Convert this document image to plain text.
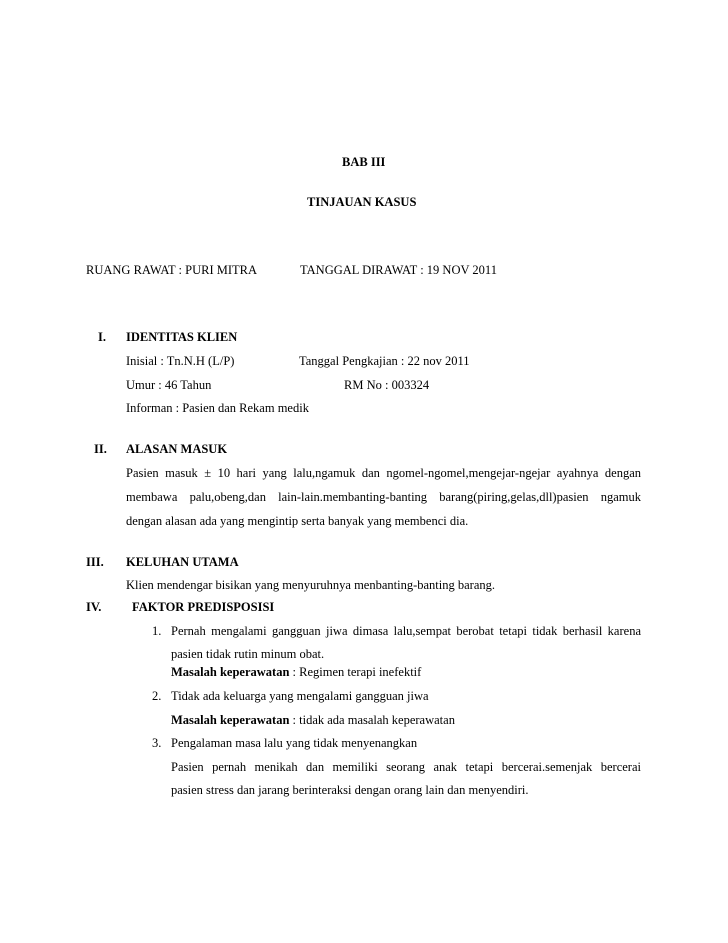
BAB III
TINJAUAN KASUS
RUANG RAWAT : PURI MITRA	TANGGAL DIRAWAT : 19 NOV 2011
I. IDENTITAS KLIEN
Inisial : Tn.N.H (L/P)	Tanggal Pengkajian : 22 nov 2011
Umur : 46 Tahun	RM No : 003324
Informan : Pasien dan Rekam medik
II. ALASAN MASUK
Pasien masuk ± 10 hari yang lalu,ngamuk dan ngomel-ngomel,mengejar-ngejar ayahnya dengan
membawa palu,obeng,dan lain-lain.membanting-banting barang(piring,gelas,dll)pasien ngamuk
dengan alasan ada yang mengintip serta banyak yang membenci dia.
III. KELUHAN UTAMA
Klien mendengar bisikan yang menyuruhnya menbanting-banting barang.
IV. FAKTOR PREDISPOSISI
1. Pernah mengalami gangguan jiwa dimasa lalu,sempat berobat tetapi tidak berhasil karena
pasien tidak rutin minum obat.
Masalah keperawatan : Regimen terapi inefektif
2. Tidak ada keluarga yang mengalami gangguan jiwa
Masalah keperawatan : tidak ada masalah keperawatan
3. Pengalaman masa lalu yang tidak menyenangkan
Pasien pernah menikah dan memiliki seorang anak tetapi bercerai.semenjak bercerai
pasien stress dan jarang berinteraksi dengan orang lain dan menyendiri.
